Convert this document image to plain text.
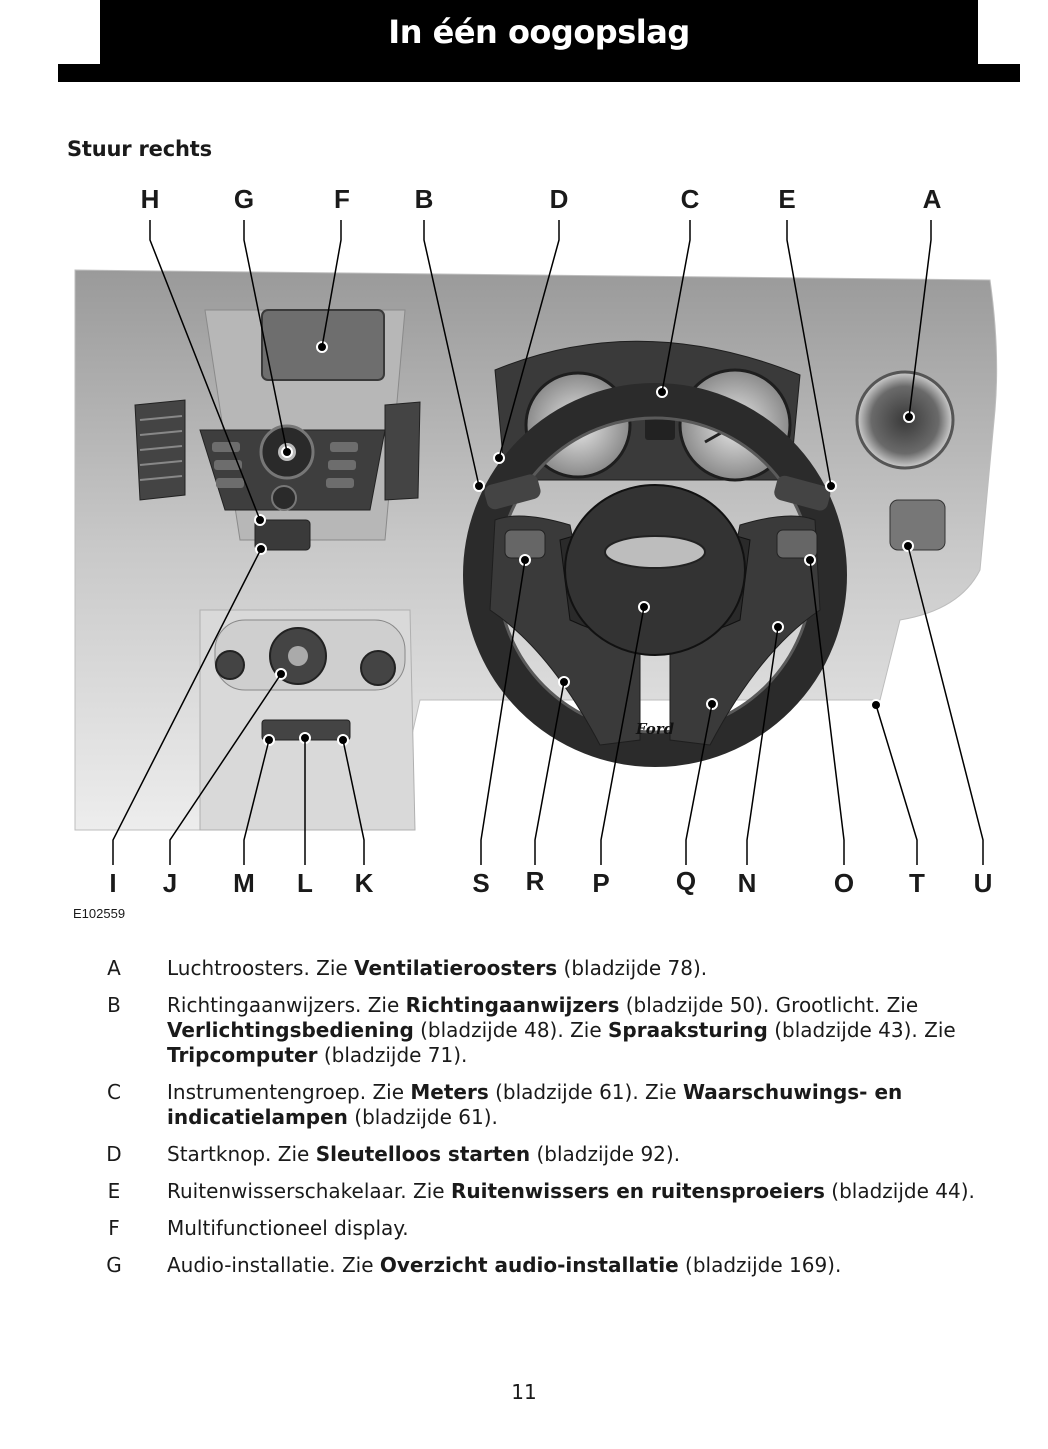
In één oogopslag
Stuur rechts
H	G	F	B	D	C	E	A
Ford
I	J	M	L	K	S	R	P	Q	N	O	T	U
E102559
A	Luchtroosters. Zie Ventilatieroosters (bladzijde 78).
B	Richtingaanwijzers. Zie Richtingaanwijzers (bladzijde 50). Grootlicht. Zie Verlichtingsbediening (bladzijde 48). Zie Spraaksturing (bladzijde 43). Zie Tripcomputer (bladzijde 71).
C	Instrumentengroep. Zie Meters (bladzijde 61). Zie Waarschuwings- en indicatielampen (bladzijde 61).
D	Startknop. Zie Sleutelloos starten (bladzijde 92).
E	Ruitenwisserschakelaar. Zie Ruitenwissers en ruitensproeiers (bladzijde 44).
F	Multifunctioneel display.
G	Audio-installatie. Zie Overzicht audio-installatie (bladzijde 169).
11
